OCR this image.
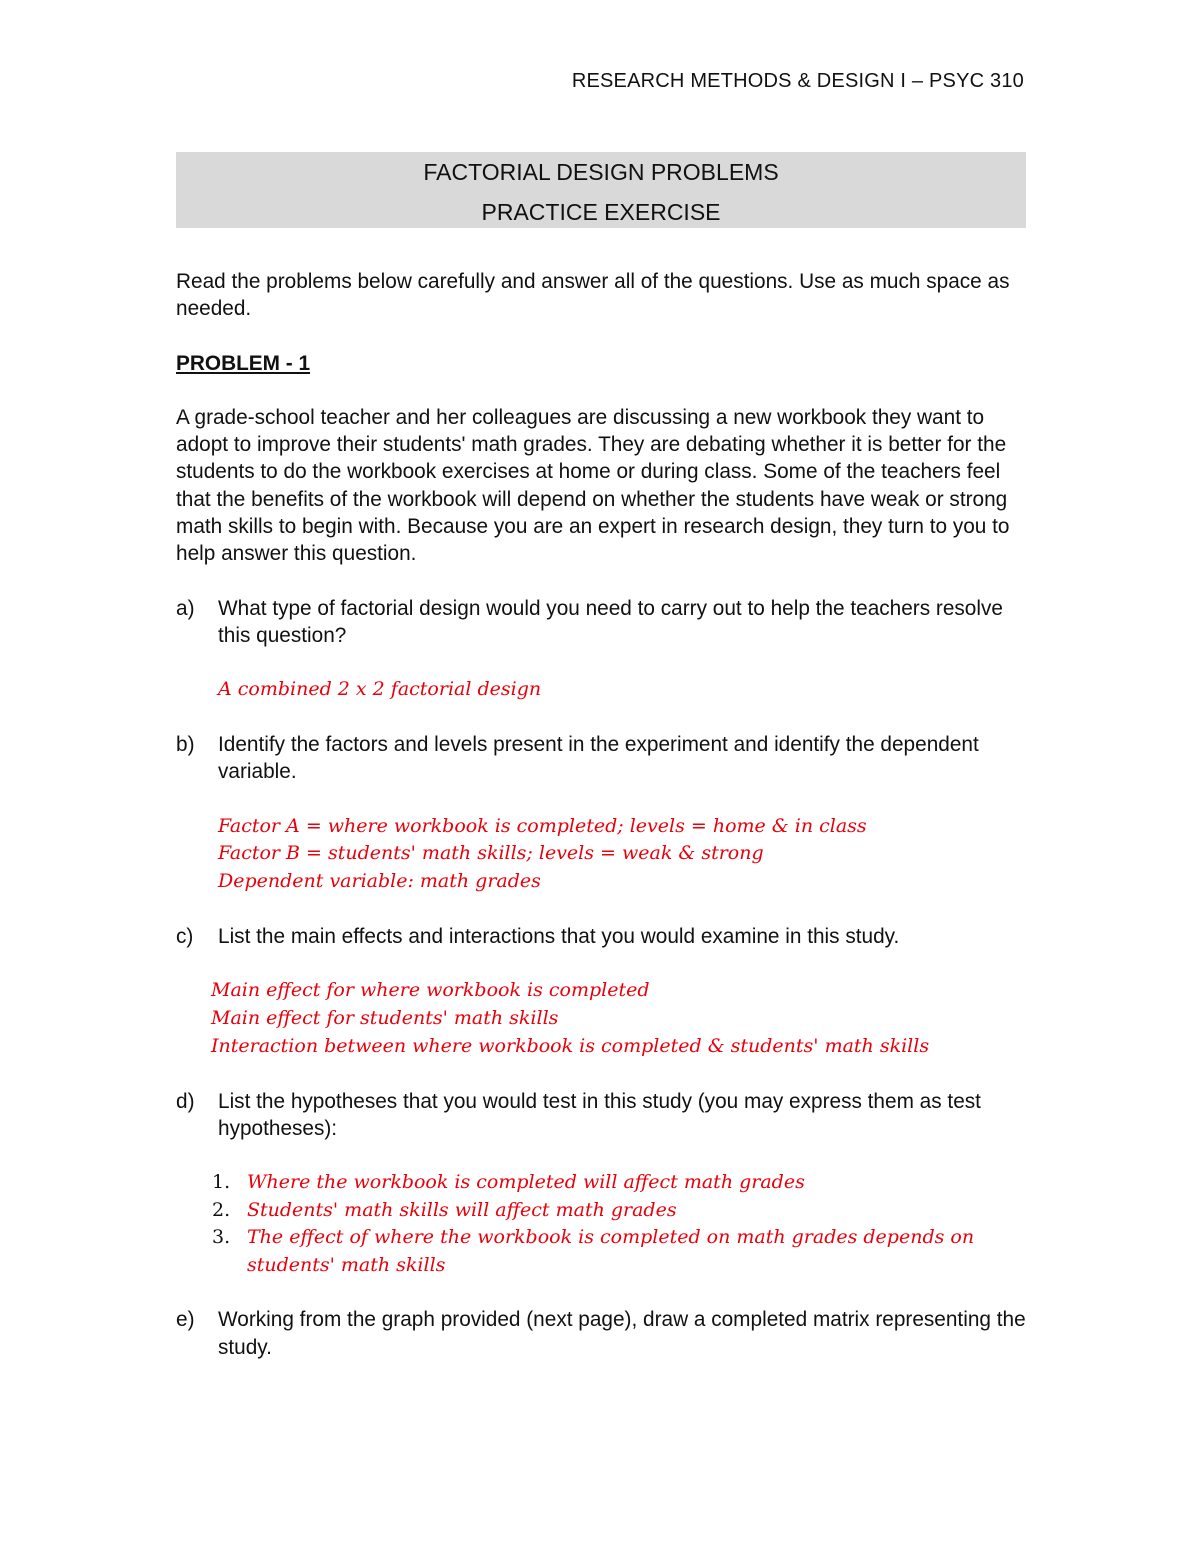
RESEARCH METHODS & DESIGN I – PSYC 310
FACTORIAL DESIGN PROBLEMS
PRACTICE EXERCISE

Read the problems below carefully and answer all of the questions. Use as much space as needed.

PROBLEM - 1

A grade-school teacher and her colleagues are discussing a new workbook they want to adopt to improve their students' math grades. They are debating whether it is better for the students to do the workbook exercises at home or during class. Some of the teachers feel that the benefits of the workbook will depend on whether the students have weak or strong math skills to begin with. Because you are an expert in research design, they turn to you to help answer this question.

a)	What type of factorial design would you need to carry out to help the teachers resolve this question?
A combined 2 x 2 factorial design
b)	Identify the factors and levels present in the experiment and identify the dependent variable.
Factor A = where workbook is completed; levels = home & in class
Factor B = students' math skills; levels = weak & strong
Dependent variable: math grades
c)	List the main effects and interactions that you would examine in this study.
Main effect for where workbook is completed
Main effect for students' math skills
Interaction between where workbook is completed & students' math skills
d)	List the hypotheses that you would test in this study (you may express them as test hypotheses):
1. Where the workbook is completed will affect math grades
2. Students' math skills will affect math grades
3. The effect of where the workbook is completed on math grades depends on students' math skills
e)	Working from the graph provided (next page), draw a completed matrix representing the study.
